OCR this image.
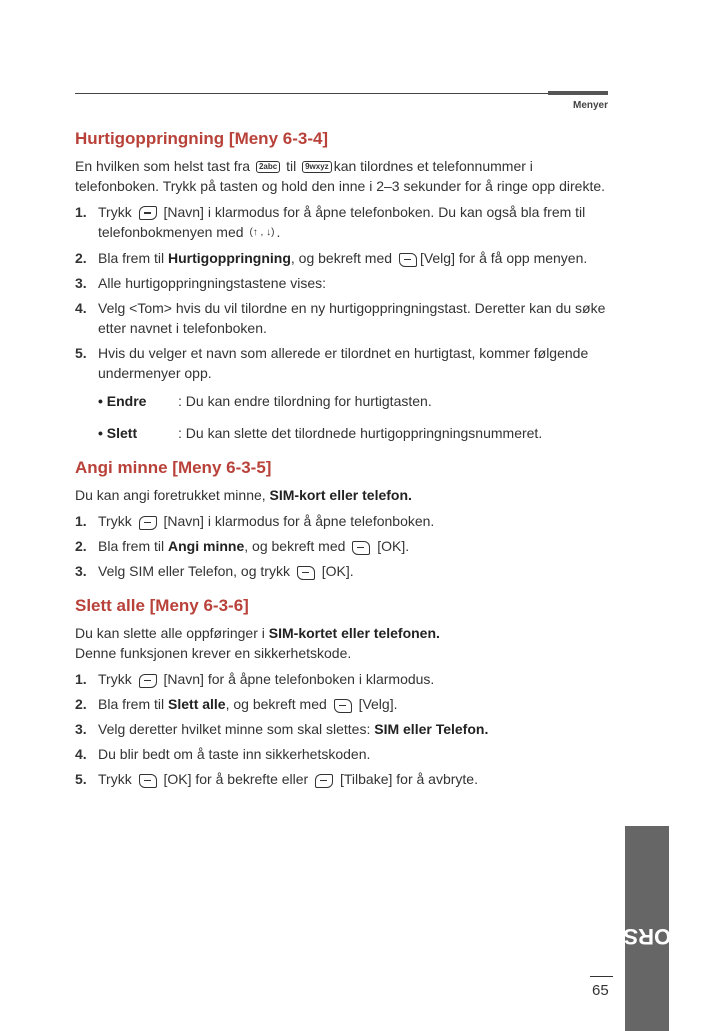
Menyer
Hurtigoppringning [Meny 6-3-4]

En hvilken som helst tast fra 2abc til 9wxyz kan tilordnes et telefonnummer i telefonboken. Trykk på tasten og hold den inne i 2–3 sekunder for å ringe opp direkte.

1. Trykk [Navn] i klarmodus for å åpne telefonboken. Du kan også bla frem til telefonbokmenyen med (↑ , ↓) .
2. Bla frem til Hurtigoppringning, og bekreft med [Velg] for å få opp menyen.
3. Alle hurtigoppringningstastene vises:
4. Velg <Tom> hvis du vil tilordne en ny hurtigoppringningstast. Deretter kan du søke etter navnet i telefonboken.
5. Hvis du velger et navn som allerede er tilordnet en hurtigtast, kommer følgende undermenyer opp.
• Endre	: Du kan endre tilordning for hurtigtasten.
• Slett	: Du kan slette det tilordnede hurtigoppringningsnummeret.
Angi minne [Meny 6-3-5]

Du kan angi foretrukket minne, SIM-kort eller telefon.

1. Trykk [Navn] i klarmodus for å åpne telefonboken.
2. Bla frem til Angi minne, og bekreft med [OK].
3. Velg SIM eller Telefon, og trykk [OK].
Slett alle [Meny 6-3-6]

Du kan slette alle oppføringer i SIM-kortet eller telefonen.
Denne funksjonen krever en sikkerhetskode.

1. Trykk [Navn] for å åpne telefonboken i klarmodus.
2. Bla frem til Slett alle, og bekreft med [Velg].
3. Velg deretter hvilket minne som skal slettes: SIM eller Telefon.
4. Du blir bedt om å taste inn sikkerhetskoden.
5. Trykk [OK] for å bekrefte eller [Tilbake] for å avbryte.
NORSK
65
